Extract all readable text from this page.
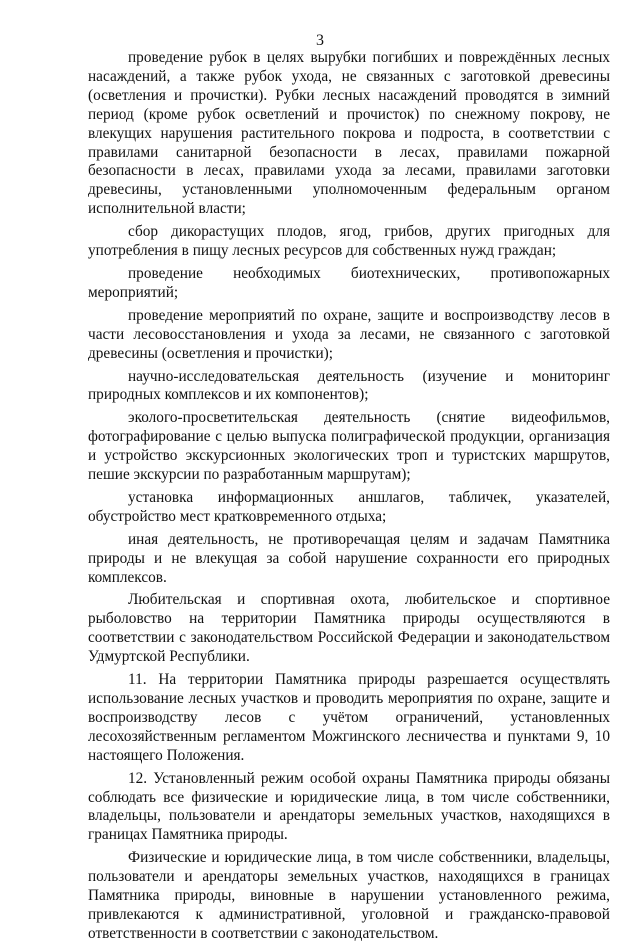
3

проведение рубок в целях вырубки погибших и повреждённых лесных насаждений, а также рубок ухода, не связанных с заготовкой древесины (осветления и прочистки). Рубки лесных насаждений проводятся в зимний период (кроме рубок осветлений и прочисток) по снежному покрову, не влекущих нарушения растительного покрова и подроста, в соответствии с правилами санитарной безопасности в лесах, правилами пожарной безопасности в лесах, правилами ухода за лесами, правилами заготовки древесины, установленными уполномоченным федеральным органом исполнительной власти;

сбор дикорастущих плодов, ягод, грибов, других пригодных для употребления в пищу лесных ресурсов для собственных нужд граждан;

проведение необходимых биотехнических, противопожарных мероприятий;

проведение мероприятий по охране, защите и воспроизводству лесов в части лесовосстановления и ухода за лесами, не связанного с заготовкой древесины (осветления и прочистки);

научно-исследовательская деятельность (изучение и мониторинг природных комплексов и их компонентов);

эколого-просветительская деятельность (снятие видеофильмов, фотографирование с целью выпуска полиграфической продукции, организация и устройство экскурсионных экологических троп и туристских маршрутов, пешие экскурсии по разработанным маршрутам);

установка информационных аншлагов, табличек, указателей, обустройство мест кратковременного отдыха;

иная деятельность, не противоречащая целям и задачам Памятника природы и не влекущая за собой нарушение сохранности его природных комплексов.

Любительская и спортивная охота, любительское и спортивное рыболовство на территории Памятника природы осуществляются в соответствии с законодательством Российской Федерации и законодательством Удмуртской Республики.

11. На территории Памятника природы разрешается осуществлять использование лесных участков и проводить мероприятия по охране, защите и воспроизводству лесов с учётом ограничений, установленных лесохозяйственным регламентом Можгинского лесничества и пунктами 9, 10 настоящего Положения.

12. Установленный режим особой охраны Памятника природы обязаны соблюдать все физические и юридические лица, в том числе собственники, владельцы, пользователи и арендаторы земельных участков, находящихся в границах Памятника природы.

Физические и юридические лица, в том числе собственники, владельцы, пользователи и арендаторы земельных участков, находящихся в границах Памятника природы, виновные в нарушении установленного режима, привлекаются к административной, уголовной и гражданско-правовой ответственности в соответствии с законодательством.
